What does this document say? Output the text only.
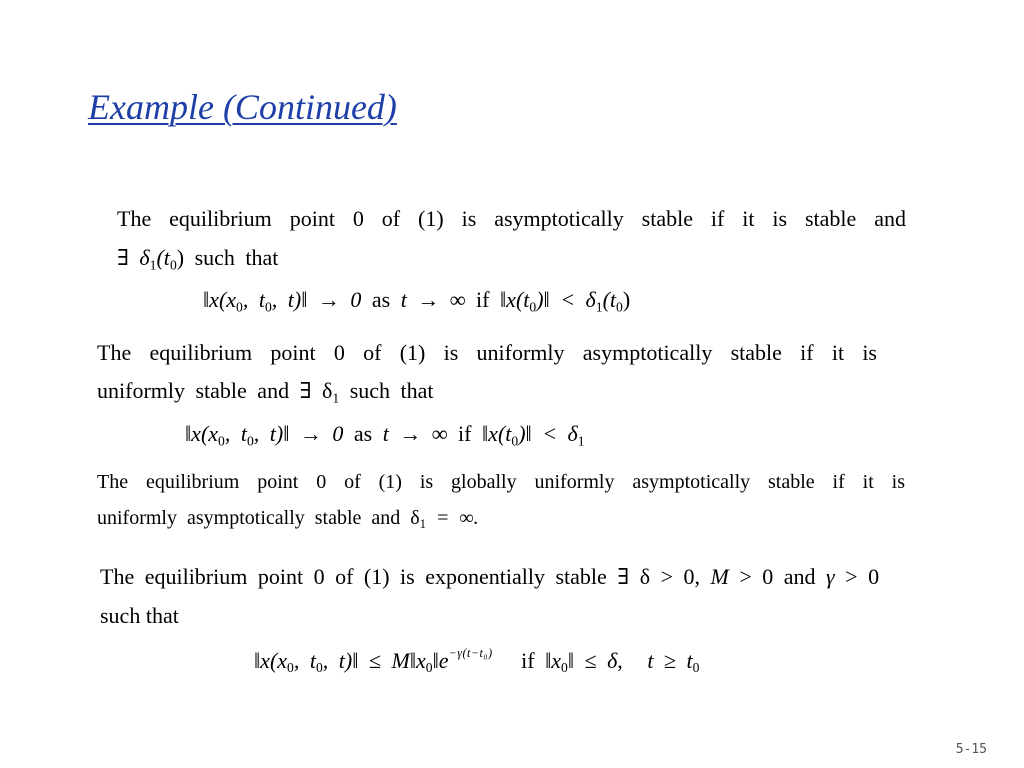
Example (Continued)
The equilibrium point 0 of (1) is asymptotically stable if it is stable and
∃ $\delta_1(t_0)$ such that
$‖x(x_0$, $t_0$, t)‖ → 0 as t → ∞ if $‖x(t_0)‖ < \delta_1(t_0)$
The equilibrium point 0 of (1) is uniformly asymptotically stable if it is
uniformly stable and ∃ $\delta_1$ such that
$‖x(x_0$, $t_0$, t)‖ → 0 as t → ∞ if $‖x(t_0)‖ < \delta_1$
The equilibrium point 0 of (1) is globally uniformly asymptotically stable if it is
uniformly asymptotically stable and $\delta_1$ = ∞.
The equilibrium point 0 of (1) is exponentially stable ∃ δ > 0, M > 0 and γ > 0
such that
$‖x(x_0$, $t_0$, t)‖ ≤ $M‖x_0‖e^{-\gamma(t-t_0)}$ if $‖x_0‖ \le \delta$, $t \ge t_0$
5-15
